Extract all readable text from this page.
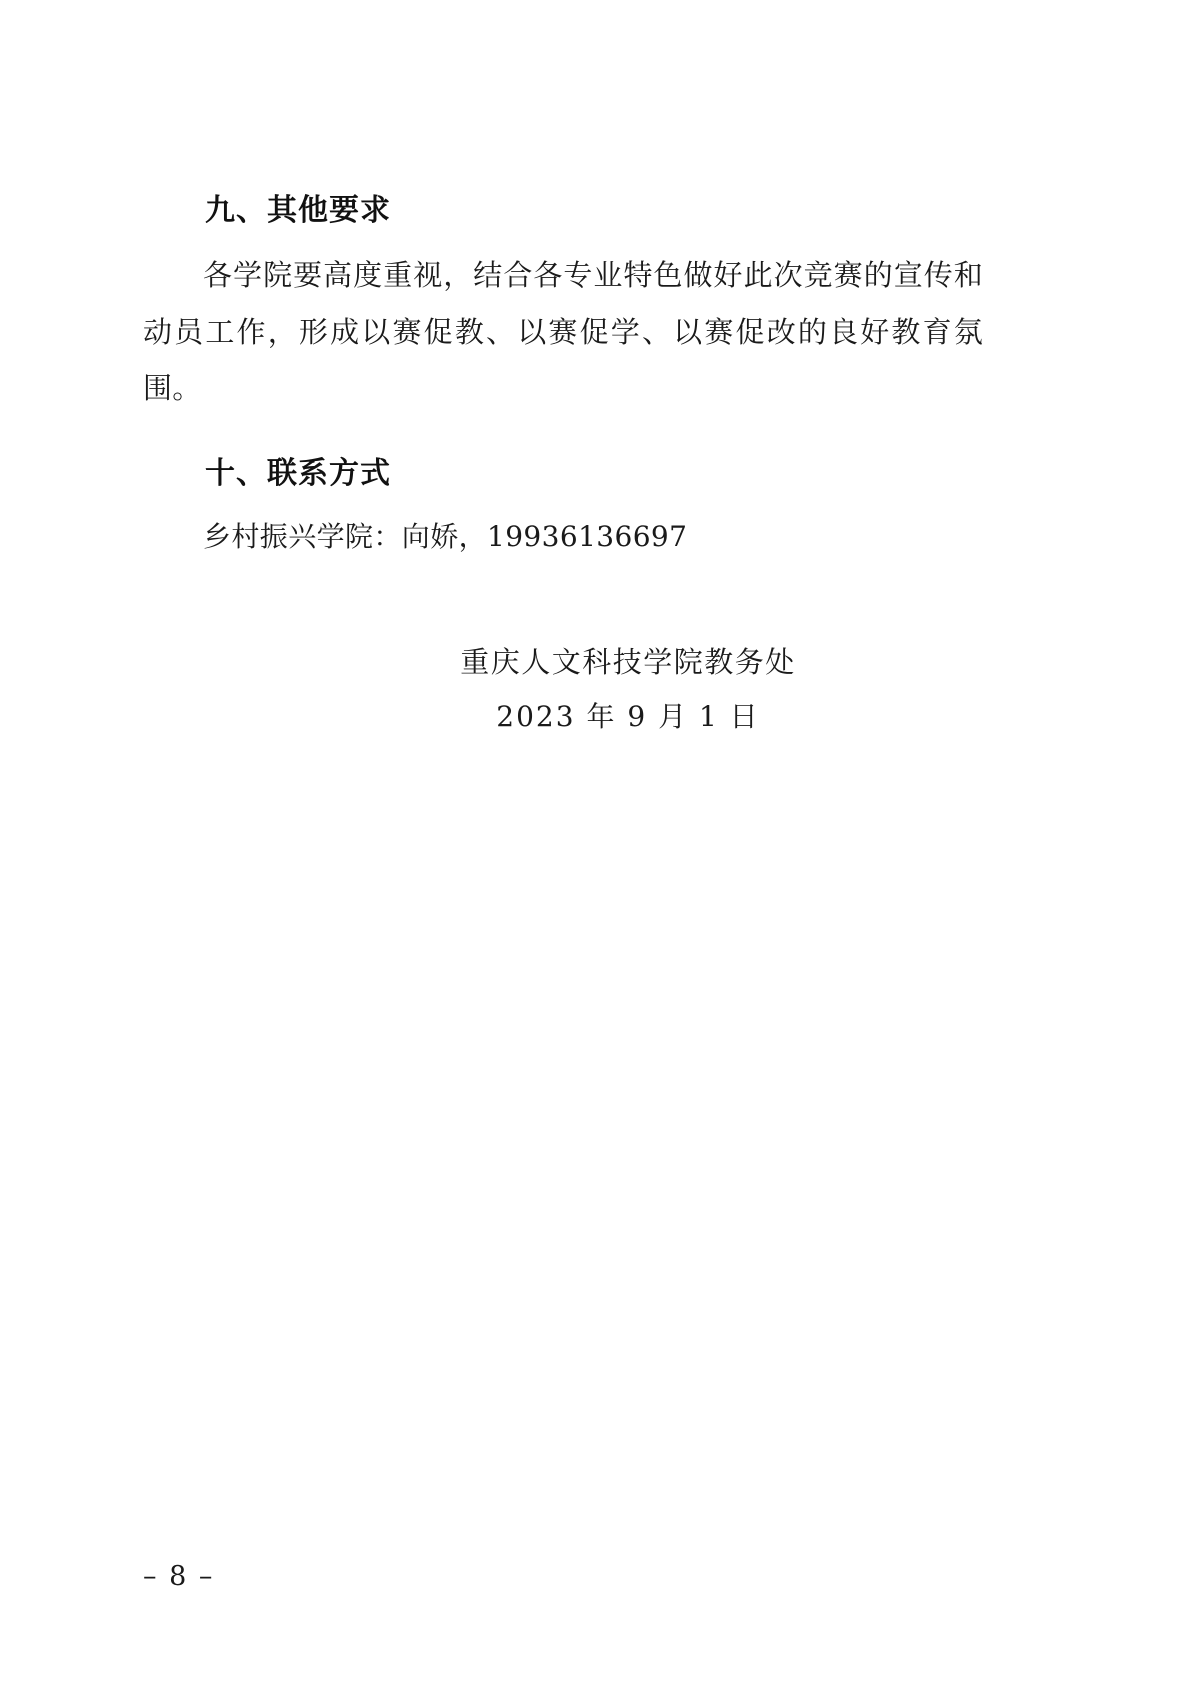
九、其他要求

各学院要高度重视，结合各专业特色做好此次竞赛的宣传和动员工作，形成以赛促教、以赛促学、以赛促改的良好教育氛围。

十、联系方式

乡村振兴学院：向娇，19936136697

重庆人文科技学院教务处

2023 年 9 月 1 日

– 8 –
